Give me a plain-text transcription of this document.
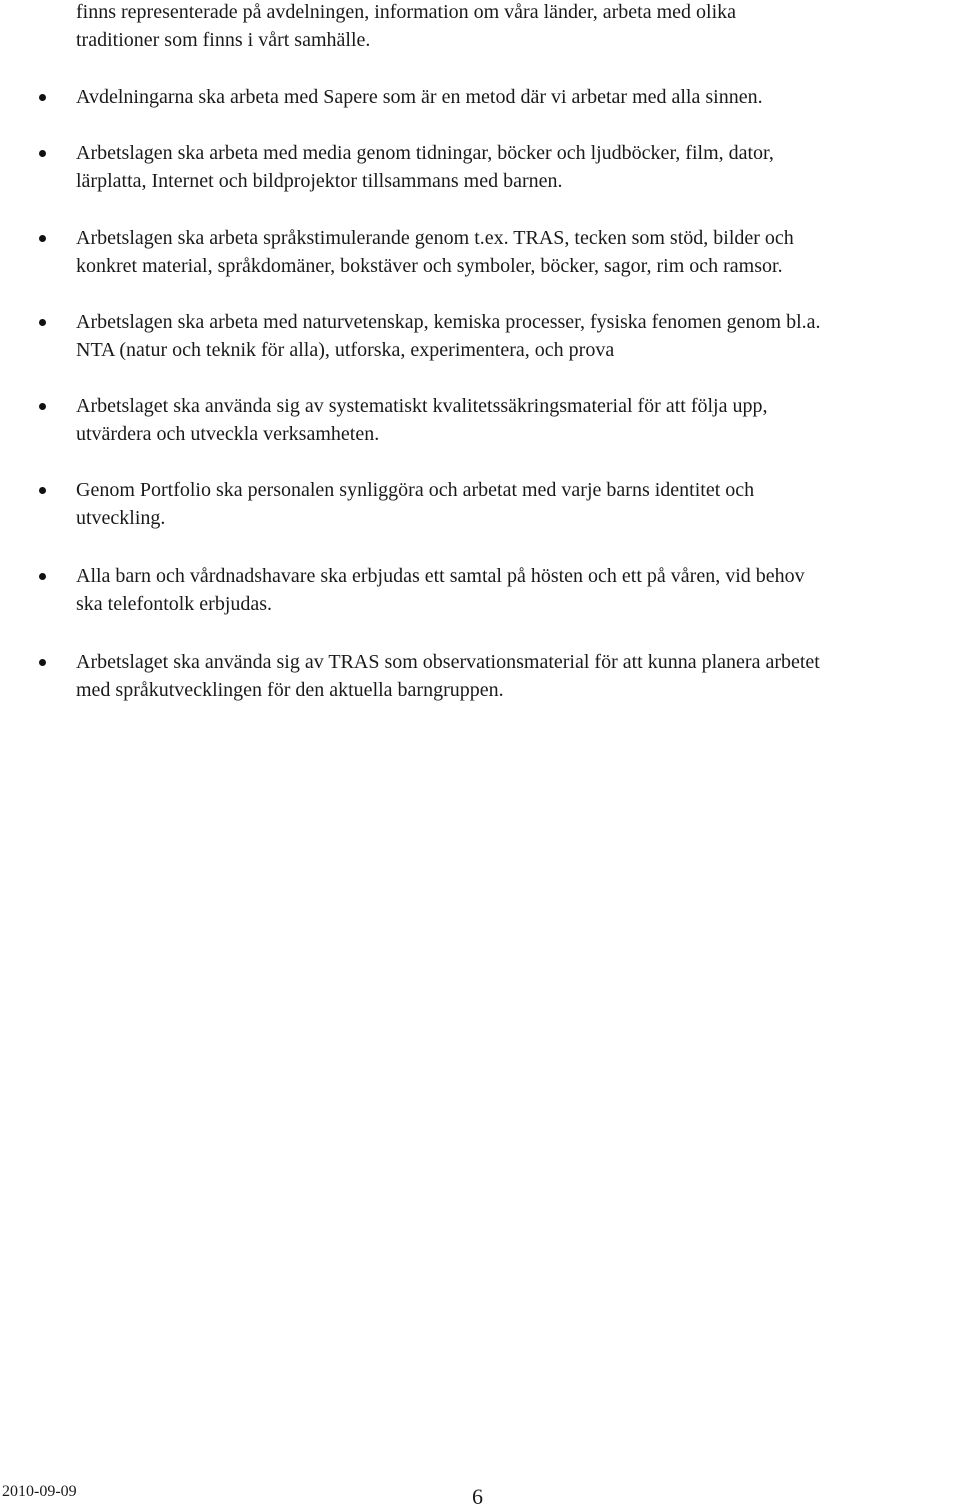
finns representerade på avdelningen, information om våra länder, arbeta med olika
traditioner som finns i vårt samhälle.
Avdelningarna ska arbeta med Sapere som är en metod där vi arbetar med alla sinnen.
Arbetslagen ska arbeta med media genom tidningar, böcker och ljudböcker, film, dator,
lärplatta, Internet och bildprojektor tillsammans med barnen.
Arbetslagen ska arbeta språkstimulerande genom t.ex. TRAS, tecken som stöd, bilder och
konkret material, språkdomäner, bokstäver och symboler, böcker, sagor, rim och ramsor.
Arbetslagen ska arbeta med naturvetenskap, kemiska processer, fysiska fenomen genom bl.a.
NTA (natur och teknik för alla), utforska, experimentera, och prova
Arbetslaget ska använda sig av systematiskt kvalitetssäkringsmaterial för att följa upp,
utvärdera och utveckla verksamheten.
Genom Portfolio ska personalen synliggöra och arbetat med varje barns identitet och
utveckling.
Alla barn och vårdnadshavare ska erbjudas ett samtal på hösten och ett på våren, vid behov
ska telefontolk erbjudas.
Arbetslaget ska använda sig av TRAS som observationsmaterial för att kunna planera arbetet
med språkutvecklingen för den aktuella barngruppen.
2010-09-09	6
